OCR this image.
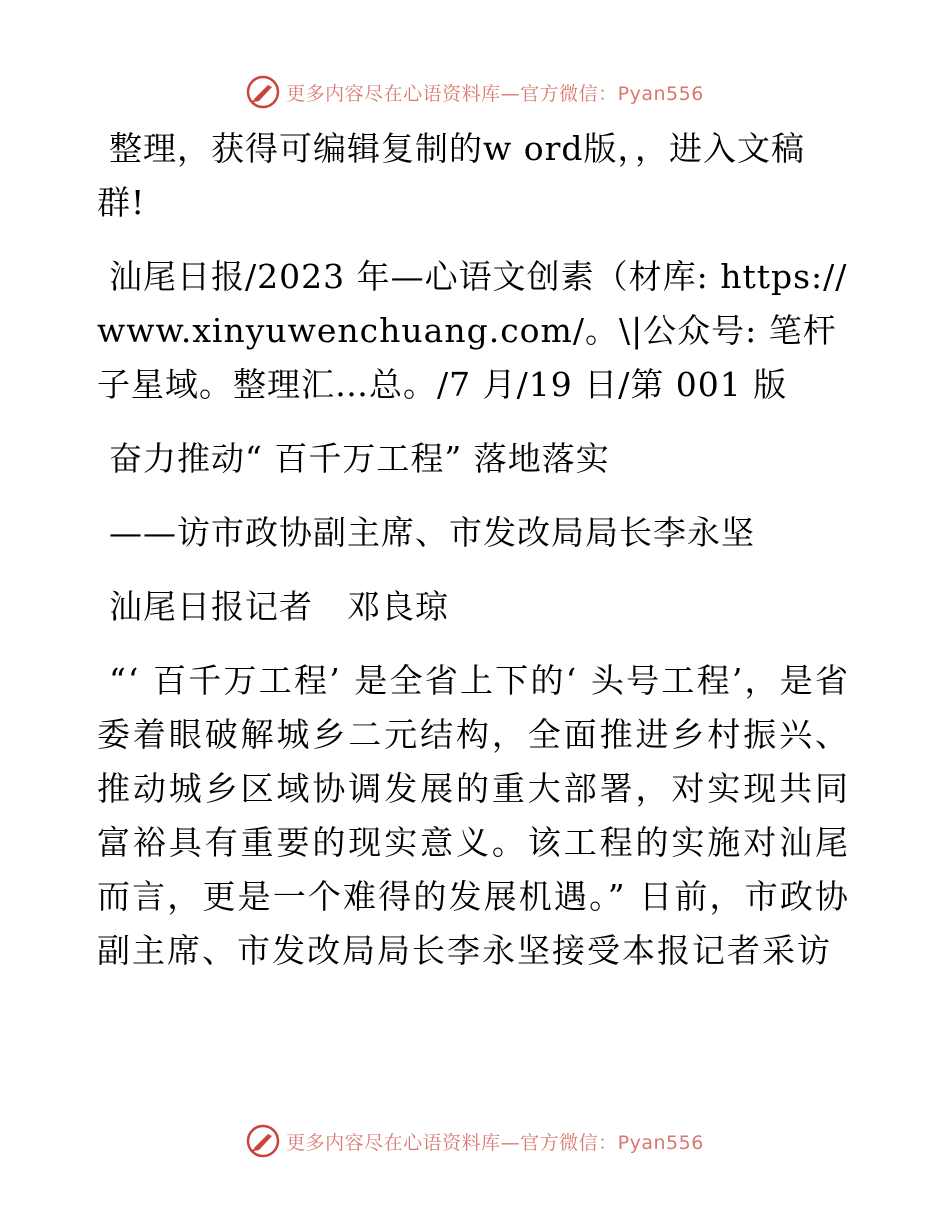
更多内容尽在心语资料库—官方微信：Pyan556

整理，获得可编辑复制的w ord版，，进入文稿群!

汕尾日报/2023 年—心语文创素（材库: https://www.xinyuwenchuang.com/。\|公众号: 笔杆子星域。整理汇…总。/7 月/19 日/第 001 版

奋力推动“ 百千万工程” 落地落实

——访市政协副主席、市发改局局长李永坚

汕尾日报记者　邓良琼

“‘ 百千万工程’ 是全省上下的‘ 头号工程’，是省委着眼破解城乡二元结构，全面推进乡村振兴、推动城乡区域协调发展的重大部署，对实现共同富裕具有重要的现实意义。该工程的实施对汕尾而言，更是一个难得的发展机遇。” 日前，市政协副主席、市发改局局长李永坚接受本报记者采访

更多内容尽在心语资料库—官方微信：Pyan556
